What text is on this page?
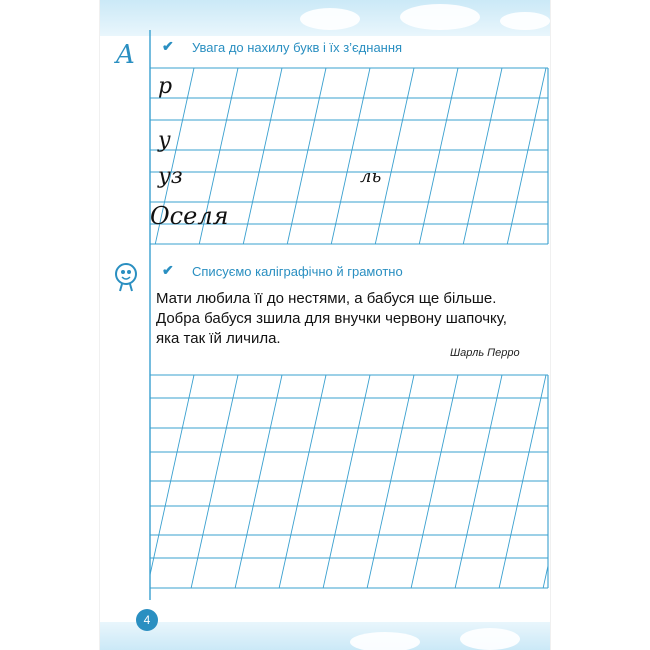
A ✔ Увага до нахилу букв і їх з’єднання
р
у
уз	ль
Оселя
✔ Списуємо каліграфічно й грамотно

Мати любила її до нестями, а бабуся ще більше.

Добра бабуся зшила для внучки червону шапочку,

яка так їй личила.

Шарль Перро
4
